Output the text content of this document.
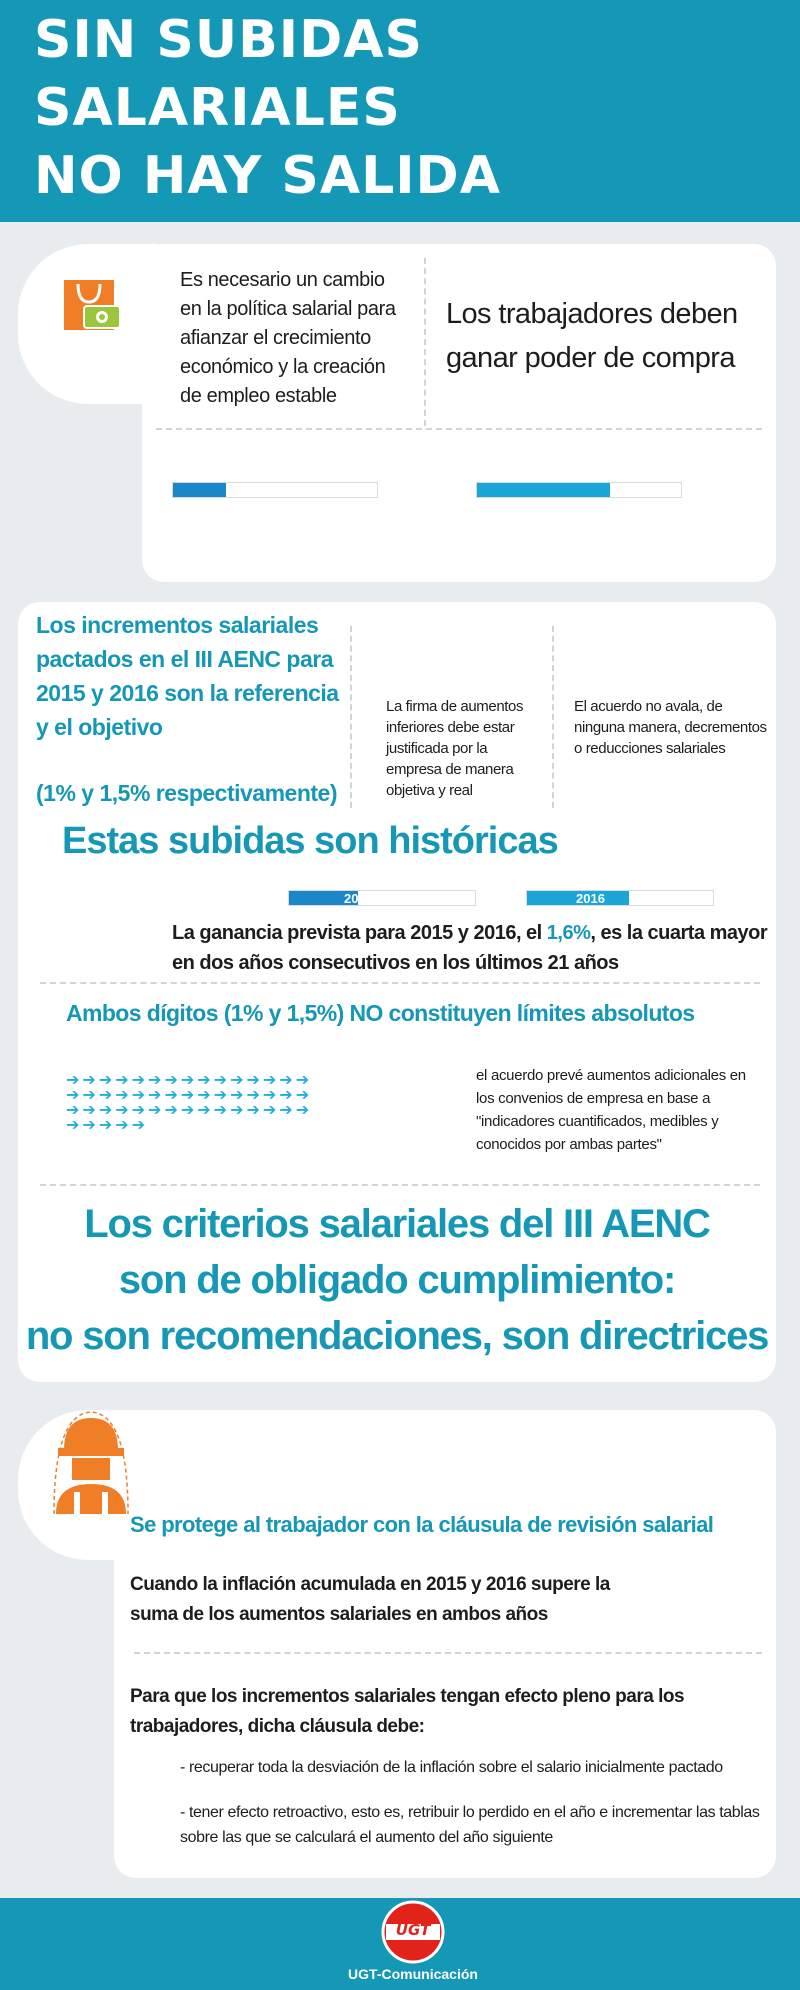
SIN SUBIDAS
SALARIALES
NO HAY SALIDA
Es necesario un cambio en la política salarial para afianzar el crecimiento económico y la creación de empleo estable
Los trabajadores deben ganar poder de compra
Los incrementos salariales pactados en el III AENC para 2015 y 2016 son la referencia y el objetivo
(1% y 1,5% respectivamente)
La firma de aumentos inferiores debe estar justificada por la empresa de manera objetiva y real
El acuerdo no avala, de ninguna manera, decrementos o reducciones salariales
Estas subidas son históricas
2015	2016
La ganancia prevista para 2015 y 2016, el 1,6%, es la cuarta mayor en dos años consecutivos en los últimos 21 años
Ambos dígitos (1% y 1,5%) NO constituyen límites absolutos
➔➔➔➔➔➔➔➔➔➔➔➔➔➔➔
➔➔➔➔➔➔➔➔➔➔➔➔➔➔➔
➔➔➔➔➔➔➔➔➔➔➔➔➔➔➔
➔➔➔➔➔
el acuerdo prevé aumentos adicionales en los convenios de empresa en base a "indicadores cuantificados, medibles y conocidos por ambas partes"
Los criterios salariales del III AENC
son de obligado cumplimiento:
no son recomendaciones, son directrices
Se protege al trabajador con la cláusula de revisión salarial
Cuando la inflación acumulada en 2015 y 2016 supere la suma de los aumentos salariales en ambos años
Para que los incrementos salariales tengan efecto pleno para los trabajadores, dicha cláusula debe:
- recuperar toda la desviación de la inflación sobre el salario inicialmente pactado
- tener efecto retroactivo, esto es, retribuir lo perdido en el año e incrementar las tablas sobre las que se calculará el aumento del año siguiente
UGT
UGT-Comunicación
